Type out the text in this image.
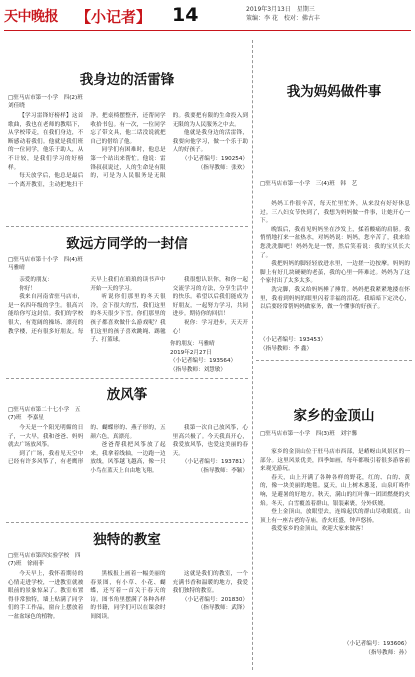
天中晚报 【小记者】 14	2019年3月13日　星期三
策编：李 花　校对：佛古丰
我身边的活雷锋
□驻马店市第一小学　四(2)班　刘佳晓

【学习雷锋好榜样】这首歌曲，我也在老师的教唱下，从学校带走，在我们身边，不断感动着我们。他就是我们班的一位同学，他乐于助人，从不计较，是我们学习的好榜样。

每天放学后，他总是最后一个离开教室，主动把地扫干净，把桌椅摆整齐，还帮同学收拾书包。有一次，一位同学忘了带文具，他二话没说就把自己的借给了他。

同学们有困难时，他总是第一个站出来帮忙。他说：雷锋叔叔说过，人的生命是有限的，可是为人民服务是无限的。我要把有限的生命投入到无限的为人民服务之中去。

他就是我身边的活雷锋，我要向他学习，做一个乐于助人的好孩子。

（小记者编号：190254）

（指导教师：张欢）

致远方同学的一封信
□驻马店市第十小学　四(4)班　马雅晴

亲爱的朋友：

你好！

我来自河南省驻马店市，是一名四年级的学生。很高兴能给你写这封信。我们的学校很大，有宽阔的操场、漂亮的教学楼，还有很多好朋友。每天早上我们在琅琅的读书声中开始一天的学习。

听说你们那里的冬天很冷，会下很大的雪，我们这里的冬天很少下雪。你们那里的孩子都喜欢做什么游戏呢？我们这里的孩子喜欢跳绳、踢毽子、打篮球。

我很想认识你，和你一起交流学习的方法，分享生活中的快乐。希望以后我们能成为好朋友，一起努力学习，共同进步。期待你的回信！

祝你：学习进步，天天开心！

你的朋友：马雅晴
2019年2月27日
（小记者编号：193564）
（指导教师：刘慧敏）
放风筝
□驻马店市第二十七小学　五(7)班　李嘉星

今天是一个阳光明媚的日子，一大早，我和爸爸、妈妈就去广场放风筝。

到了广场，我看见天空中已经有许多风筝了，有老鹰形的、蝴蝶形的、燕子形的，五颜六色，真漂亮。

爸爸帮我把风筝放了起来，我拿着线轴，一边跑一边放线，风筝越飞越高，像一只小鸟在蓝天上自由地飞翔。

我第一次自己放风筝，心里高兴极了。今天我真开心，我爱放风筝，也爱这美丽的春天。

（小记者编号：193781）

（指导教师：李颖）

独特的教室
□驻马店市第四实验学校　四(7)班　徐雨菲

今天早上，我怀着期待的心情走进学校，一进教室就被眼前的景象惊呆了。教室布置得非常独特，墙上贴满了同学们的手工作品，窗台上摆放着一盆盆绿色的植物。

黑板报上画着一幅美丽的春景图，有小草、小花、蝴蝶，还写着一首关于春天的诗。图书角里摆满了各种各样的书籍，同学们可以在课余时间阅读。

这就是我们的教室，一个充满书香和温暖的地方，我爱我们独特的教室。

（小记者编号：201830）

（指导教师：武锋）

我为妈妈做件事
□驻马店市第一小学　三(4)班　韩　艺

妈妈工作很辛苦，每天忙里忙外，从来没有好好休息过。三八妇女节快到了，我想为妈妈做一件事，让她开心一下。

晚饭后，我看见妈妈坐在沙发上，揉着酸痛的肩膀。我悄悄地打来一盆热水，对妈妈说：妈妈，您辛苦了，我来给您洗洗脚吧！妈妈先是一愣，然后笑着说：我的宝贝长大了。

我把妈妈的脚轻轻放进水里，一边搓一边按摩。妈妈的脚上有好几块硬硬的老茧，我的心里一阵难过。妈妈为了这个家付出了太多太多。

洗完脚，我又给妈妈捶了捶背。妈妈把我紧紧地搂在怀里，我看到妈妈的眼里闪着幸福的泪花。我暗暗下定决心，以后要经常帮妈妈做家务，做一个懂事的好孩子。

（小记者编号：193453）
（指导教师：李 鑫）
家乡的金顶山
□驻马店市第一小学　四(3)班　刘宇馨

家乡的金顶山位于驻马店市西部，是嵖岈山风景区的一部分。这里风景优美，四季如画，每年都吸引着很多游客前来观光游玩。

春天，山上开满了各种各样的野花，红的、白的、黄的，像一块美丽的地毯。夏天，山上树木葱茏，山泉叮咚作响，是避暑的好地方。秋天，满山的红叶像一团团燃烧的火焰。冬天，白雪覆盖着群山，银装素裹，分外妖娆。

登上金顶山，放眼望去，连绵起伏的群山尽收眼底。山顶上有一座古老的寺庙，香火旺盛，钟声悠扬。

我爱家乡的金顶山，欢迎大家来做客！

（小记者编号：193606）
（指导教师：孙）
